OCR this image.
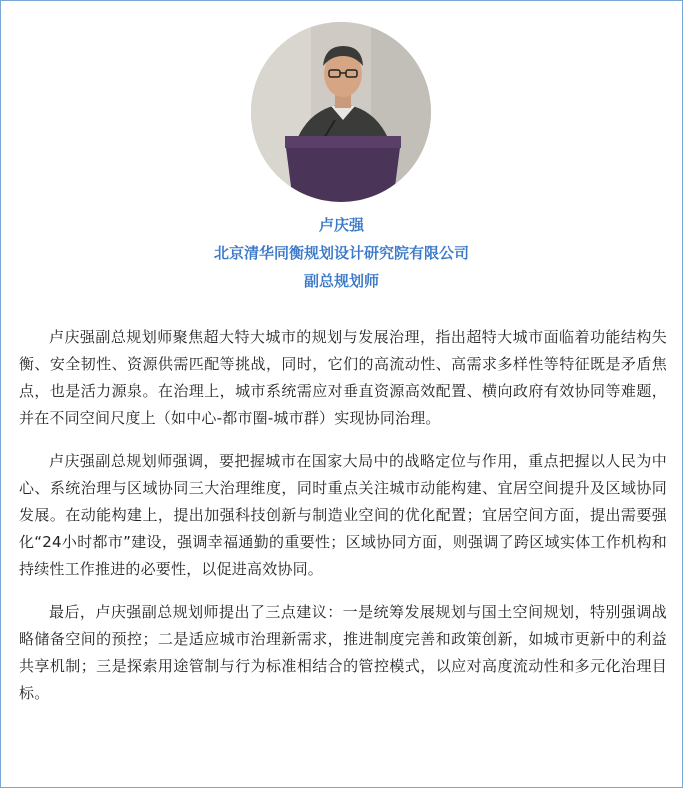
卢庆强
北京清华同衡规划设计研究院有限公司
副总规划师

卢庆强副总规划师聚焦超大特大城市的规划与发展治理，指出超特大城市面临着功能结构失衡、安全韧性、资源供需匹配等挑战，同时，它们的高流动性、高需求多样性等特征既是矛盾焦点，也是活力源泉。在治理上，城市系统需应对垂直资源高效配置、横向政府有效协同等难题，并在不同空间尺度上（如中心-都市圈-城市群）实现协同治理。

卢庆强副总规划师强调，要把握城市在国家大局中的战略定位与作用，重点把握以人民为中心、系统治理与区域协同三大治理维度，同时重点关注城市动能构建、宜居空间提升及区域协同发展。在动能构建上，提出加强科技创新与制造业空间的优化配置；宜居空间方面，提出需要强化“24小时都市”建设，强调幸福通勤的重要性；区域协同方面，则强调了跨区域实体工作机构和持续性工作推进的必要性，以促进高效协同。

最后，卢庆强副总规划师提出了三点建议：一是统筹发展规划与国土空间规划，特别强调战略储备空间的预控；二是适应城市治理新需求，推进制度完善和政策创新，如城市更新中的利益共享机制；三是探索用途管制与行为标准相结合的管控模式，以应对高度流动性和多元化治理目标。
